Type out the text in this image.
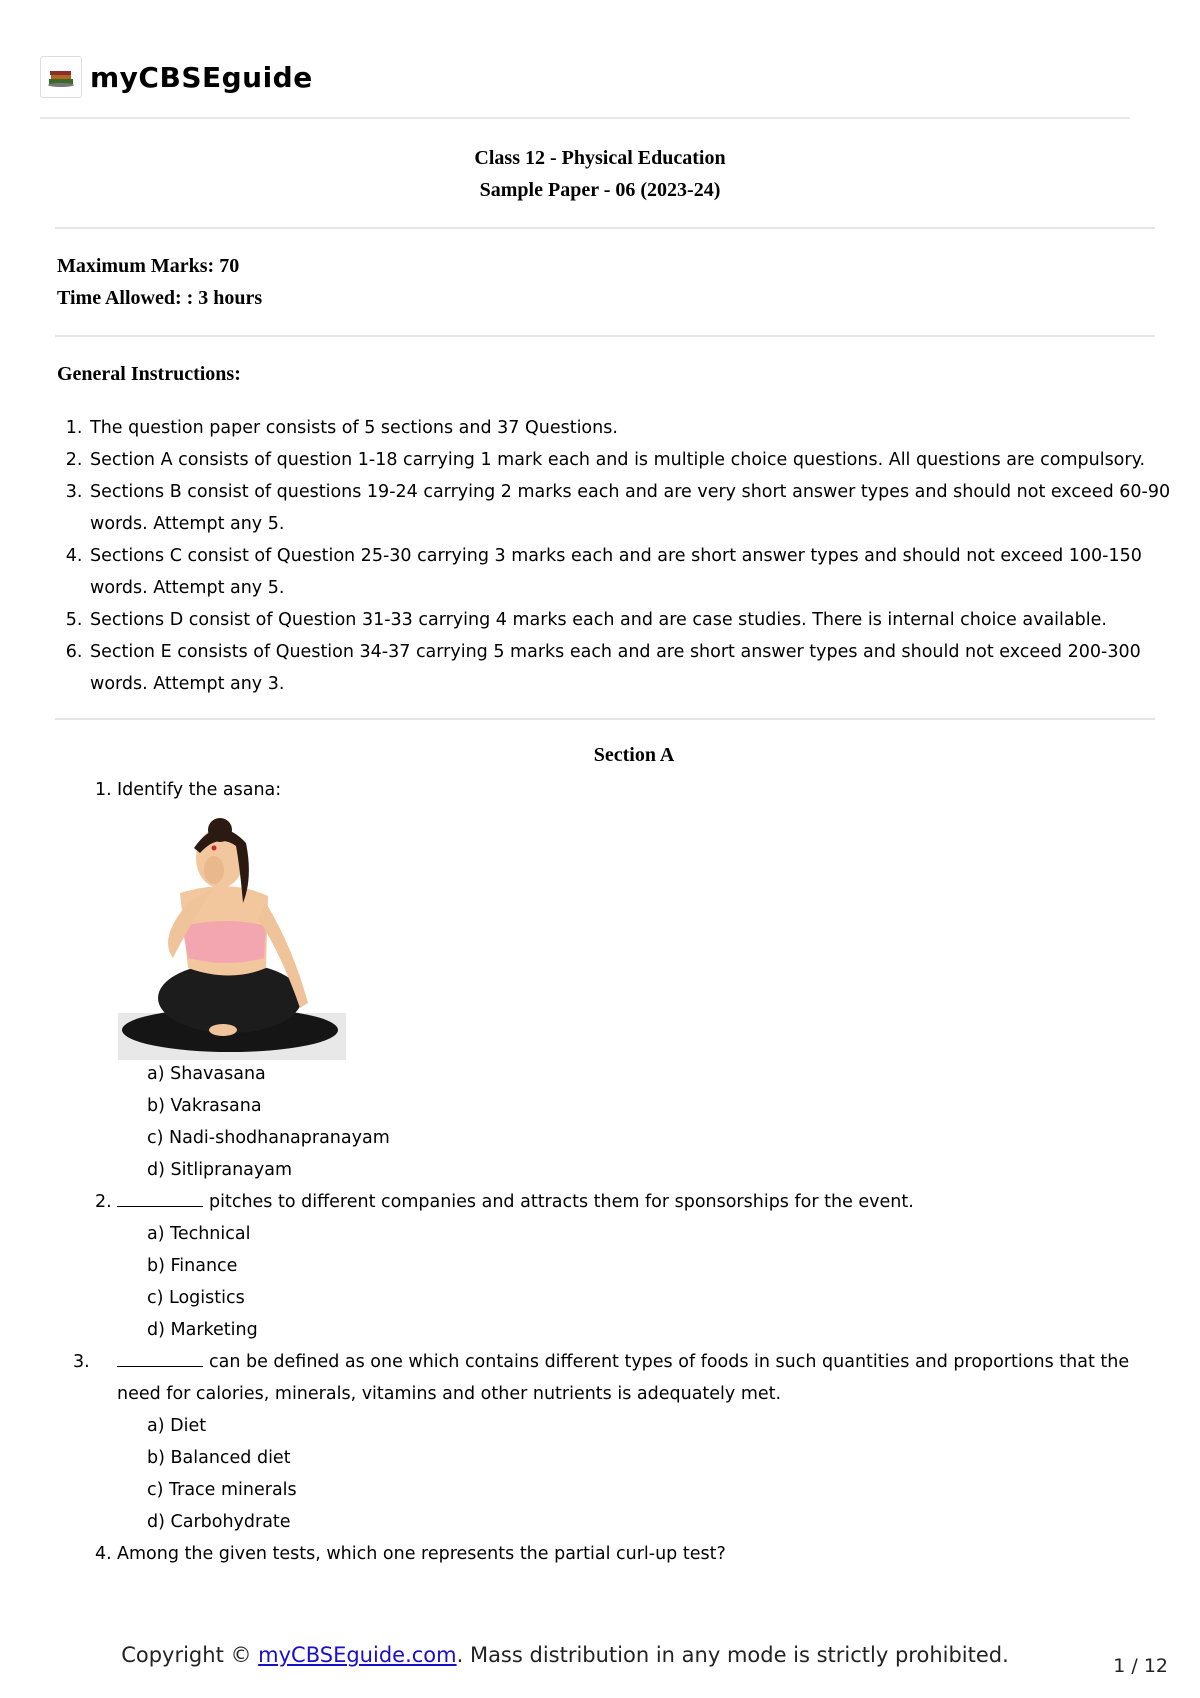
myCBSEguide
Class 12 - Physical Education
Sample Paper - 06 (2023-24)
Maximum Marks: 70
Time Allowed: : 3 hours
General Instructions:
1. The question paper consists of 5 sections and 37 Questions.
2. Section A consists of question 1-18 carrying 1 mark each and is multiple choice questions. All questions are compulsory.
3. Sections B consist of questions 19-24 carrying 2 marks each and are very short answer types and should not exceed 60-90 words. Attempt any 5.
4. Sections C consist of Question 25-30 carrying 3 marks each and are short answer types and should not exceed 100-150 words. Attempt any 5.
5. Sections D consist of Question 31-33 carrying 4 marks each and are case studies. There is internal choice available.
6. Section E consists of Question 34-37 carrying 5 marks each and are short answer types and should not exceed 200-300 words. Attempt any 3.
Section A
1. Identify the asana:
a) Shavasana
b) Vakrasana
c) Nadi-shodhanapranayam
d) Sitlipranayam
2.	pitches to different companies and attracts them for sponsorships for the event.
a) Technical
b) Finance
c) Logistics
d) Marketing
3.	can be defined as one which contains different types of foods in such quantities and proportions that the need for calories, minerals, vitamins and other nutrients is adequately met.
a) Diet
b) Balanced diet
c) Trace minerals
d) Carbohydrate
4. Among the given tests, which one represents the partial curl-up test?
Copyright © myCBSEguide.com. Mass distribution in any mode is strictly prohibited.	1 / 12
